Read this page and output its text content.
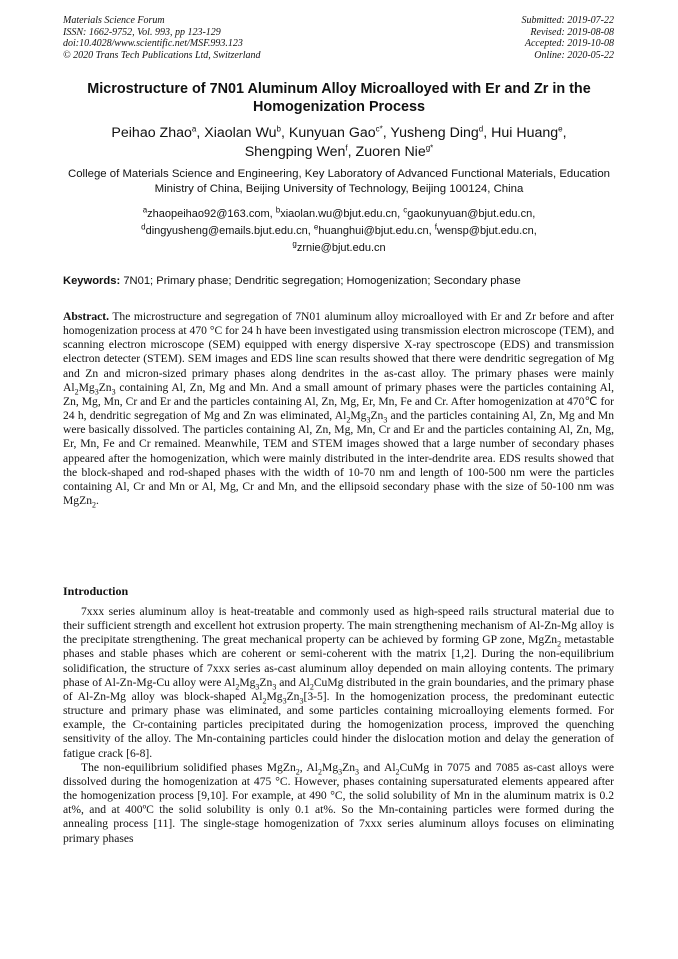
Materials Science Forum
ISSN: 1662-9752, Vol. 993, pp 123-129
doi:10.4028/www.scientific.net/MSF.993.123
© 2020 Trans Tech Publications Ltd, Switzerland
Submitted: 2019-07-22
Revised: 2019-08-08
Accepted: 2019-10-08
Online: 2020-05-22
Microstructure of 7N01 Aluminum Alloy Microalloyed with Er and Zr in the Homogenization Process
Peihao Zhao$^a$, Xiaolan Wu$^b$, Kunyuan Gao$^{c*}$, Yusheng Ding$^d$, Hui Huang$^e$,
Shengping Wen$^f$, Zuoren Nie$^{g*}$
College of Materials Science and Engineering, Key Laboratory of Advanced Functional Materials, Education Ministry of China, Beijing University of Technology, Beijing 100124, China
$^a$zhaopeihao92@163.com, $^b$xiaolan.wu@bjut.edu.cn, $^c$gaokunyuan@bjut.edu.cn,
$^d$dingyusheng@emails.bjut.edu.cn, $^e$huanghui@bjut.edu.cn, $^f$wensp@bjut.edu.cn,
$^g$zrnie@bjut.edu.cn
Keywords: 7N01; Primary phase; Dendritic segregation; Homogenization; Secondary phase
Abstract. The microstructure and segregation of 7N01 aluminum alloy microalloyed with Er and Zr before and after homogenization process at 470 °C for 24 h have been investigated using transmission electron microscope (TEM), and scanning electron microscope (SEM) equipped with energy dispersive X-ray spectroscope (EDS) and transmission electron detecter (STEM). SEM images and EDS line scan results showed that there were dendritic segregation of Mg and Zn and micron-sized primary phases along dendrites in the as-cast alloy. The primary phases were mainly $Al_2Mg_3Zn_3$ containing Al, Zn, Mg and Mn. And a small amount of primary phases were the particles containing Al, Zn, Mg, Mn, Cr and Er and the particles containing Al, Zn, Mg, Er, Mn, Fe and Cr. After homogenization at 470℃ for 24 h, dendritic segregation of Mg and Zn was eliminated, $Al_2Mg_3Zn_3$ and the particles containing Al, Zn, Mg and Mn were basically dissolved. The particles containing Al, Zn, Mg, Mn, Cr and Er and the particles containing Al, Zn, Mg, Er, Mn, Fe and Cr remained. Meanwhile, TEM and STEM images showed that a large number of secondary phases appeared after the homogenization, which were mainly distributed in the inter-dendrite area. EDS results showed that the block-shaped and rod-shaped phases with the width of 10-70 nm and length of 100-500 nm were the particles containing Al, Cr and Mn or Al, Mg, Cr and Mn, and the ellipsoid secondary phase with the size of 50-100 nm was MgZn$_2$.
Introduction

7xxx series aluminum alloy is heat-treatable and commonly used as high-speed rails structural material due to their sufficient strength and excellent hot extrusion property. The main strengthening mechanism of Al-Zn-Mg alloy is the precipitate strengthening. The great mechanical property can be achieved by forming GP zone, MgZn$_2$ metastable phases and stable phases which are coherent or semi-coherent with the matrix [1,2]. During the non-equilibrium solidification, the structure of 7xxx series as-cast aluminum alloy depended on main alloying contents. The primary phase of Al-Zn-Mg-Cu alloy were $Al_2Mg_3Zn_3$ and $Al_2CuMg$ distributed in the grain boundaries, and the primary phase of Al-Zn-Mg alloy was block-shaped $Al_2Mg_3Zn_3[3-5]$. In the homogenization process, the predominant eutectic structure and primary phase was eliminated, and some particles containing microalloying elements formed. For example, the Cr-containing particles precipitated during the homogenization process, improved the quenching sensitivity of the alloy. The Mn-containing particles could hinder the dislocation motion and delay the generation of fatigue crack [6-8].

The non-equilibrium solidified phases MgZn$_2$, $Al_2Mg_3Zn_3$ and $Al_2CuMg$ in 7075 and 7085 as-cast alloys were dissolved during the homogenization at 475 °C. However, phases containing supersaturated elements appeared after the homogenization process [9,10]. For example, at 490 °C, the solid solubility of Mn in the aluminum matrix is 0.2 at%, and at 400ºC the solid solubility is only 0.1 at%. So the Mn-containing particles were formed during the annealing process [11]. The single-stage homogenization of 7xxx series aluminum alloys focuses on eliminating primary phases
